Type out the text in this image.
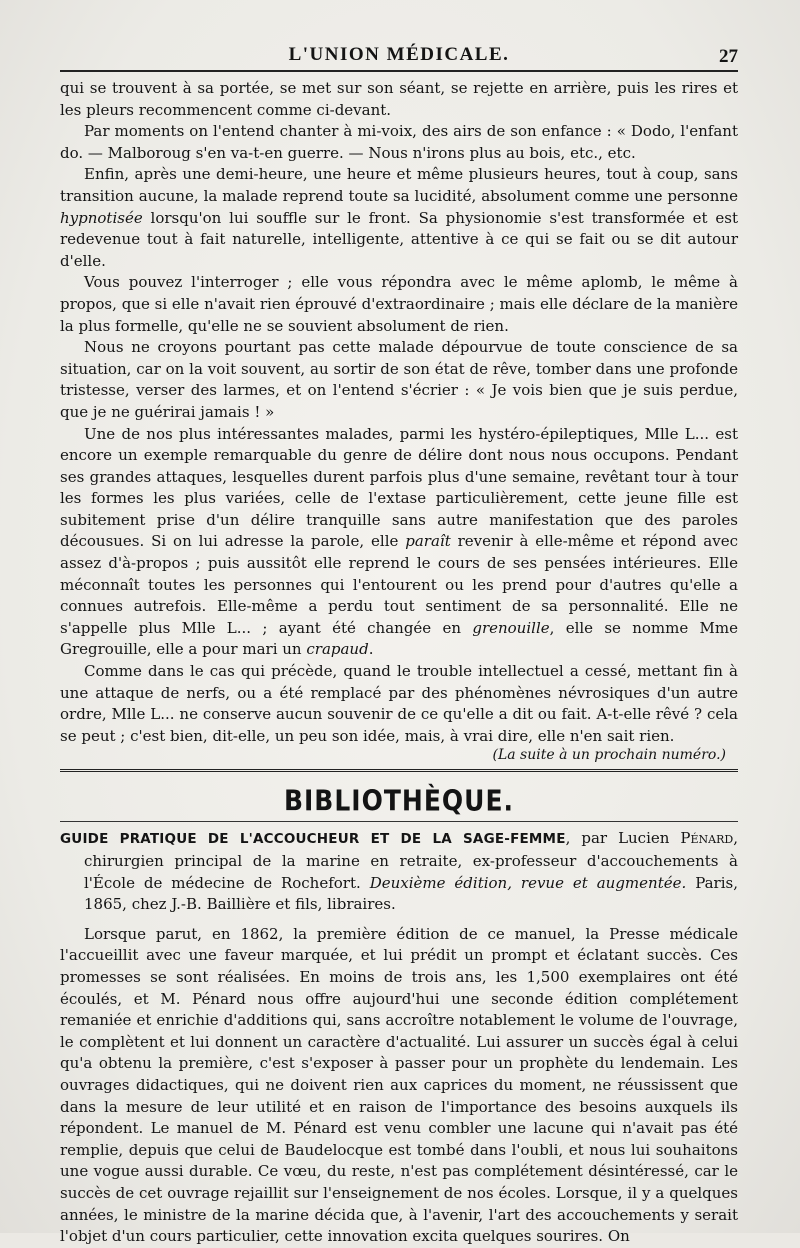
L'UNION MÉDICALE.	27

qui se trouvent à sa portée, se met sur son séant, se rejette en arrière, puis les rires et les pleurs recommencent comme ci-devant.

Par moments on l'entend chanter à mi-voix, des airs de son enfance : « Dodo, l'enfant do. — Malboroug s'en va-t-en guerre. — Nous n'irons plus au bois, etc., etc.

Enfin, après une demi-heure, une heure et même plusieurs heures, tout à coup, sans transition aucune, la malade reprend toute sa lucidité, absolument comme une personne hypnotisée lorsqu'on lui souffle sur le front. Sa physionomie s'est transformée et est redevenue tout à fait naturelle, intelligente, attentive à ce qui se fait ou se dit autour d'elle.

Vous pouvez l'interroger ; elle vous répondra avec le même aplomb, le même à propos, que si elle n'avait rien éprouvé d'extraordinaire ; mais elle déclare de la manière la plus formelle, qu'elle ne se souvient absolument de rien.

Nous ne croyons pourtant pas cette malade dépourvue de toute conscience de sa situation, car on la voit souvent, au sortir de son état de rêve, tomber dans une profonde tristesse, verser des larmes, et on l'entend s'écrier : « Je vois bien que je suis perdue, que je ne guérirai jamais ! »

Une de nos plus intéressantes malades, parmi les hystéro-épileptiques, Mlle L... est encore un exemple remarquable du genre de délire dont nous nous occupons. Pendant ses grandes attaques, lesquelles durent parfois plus d'une semaine, revêtant tour à tour les formes les plus variées, celle de l'extase particulièrement, cette jeune fille est subitement prise d'un délire tranquille sans autre manifestation que des paroles décousues. Si on lui adresse la parole, elle paraît revenir à elle-même et répond avec assez d'à-propos ; puis aussitôt elle reprend le cours de ses pensées intérieures. Elle méconnaît toutes les personnes qui l'entourent ou les prend pour d'autres qu'elle a connues autrefois. Elle-même a perdu tout sentiment de sa personnalité. Elle ne s'appelle plus Mlle L... ; ayant été changée en grenouille, elle se nomme Mme Gregrouille, elle a pour mari un crapaud.

Comme dans le cas qui précède, quand le trouble intellectuel a cessé, mettant fin à une attaque de nerfs, ou a été remplacé par des phénomènes névrosiques d'un autre ordre, Mlle L... ne conserve aucun souvenir de ce qu'elle a dit ou fait. A-t-elle rêvé ? cela se peut ; c'est bien, dit-elle, un peu son idée, mais, à vrai dire, elle n'en sait rien.

(La suite à un prochain numéro.)

BIBLIOTHÈQUE.

GUIDE PRATIQUE DE L'ACCOUCHEUR ET DE LA SAGE-FEMME, par Lucien Pénard, chirurgien principal de la marine en retraite, ex-professeur d'accouchements à l'École de médecine de Rochefort. Deuxième édition, revue et augmentée. Paris, 1865, chez J.-B. Baillière et fils, libraires.

Lorsque parut, en 1862, la première édition de ce manuel, la Presse médicale l'accueillit avec une faveur marquée, et lui prédit un prompt et éclatant succès. Ces promesses se sont réalisées. En moins de trois ans, les 1,500 exemplaires ont été écoulés, et M. Pénard nous offre aujourd'hui une seconde édition complétement remaniée et enrichie d'additions qui, sans accroître notablement le volume de l'ouvrage, le complètent et lui donnent un caractère d'actualité. Lui assurer un succès égal à celui qu'a obtenu la première, c'est s'exposer à passer pour un prophète du lendemain. Les ouvrages didactiques, qui ne doivent rien aux caprices du moment, ne réussissent que dans la mesure de leur utilité et en raison de l'importance des besoins auxquels ils répondent. Le manuel de M. Pénard est venu combler une lacune qui n'avait pas été remplie, depuis que celui de Baudelocque est tombé dans l'oubli, et nous lui souhaitons une vogue aussi durable. Ce vœu, du reste, n'est pas complétement désintéressé, car le succès de cet ouvrage rejaillit sur l'enseignement de nos écoles. Lorsque, il y a quelques années, le ministre de la marine décida que, à l'avenir, l'art des accouchements y serait l'objet d'un cours particulier, cette innovation excita quelques sourires. On
